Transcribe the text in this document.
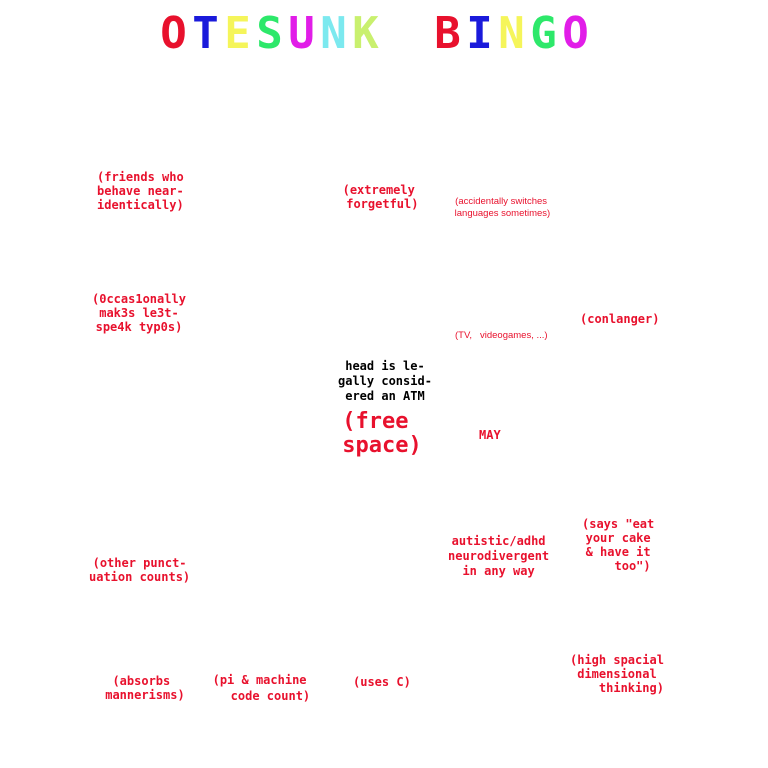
O T E S U N K B I N G O
(friends who
behave near-
identically)
(extremely
forgetful)	(accidentally switches
languages sometimes)
(0ccas1onally
mak3s le3t-
spe4k typ0s)
(TV,   videogames, ...)
(conlanger)
head is le-
gally consid-
ered an ATM
(free
space)	MAY
(other punct-
uation counts)
autistic/adhd
neurodivergent
in any way
(says "eat
your cake
& have it
too")
(absorbs
mannerisms)
(pi & machine
code count)
(uses C)
(high spacial
dimensional
thinking)
